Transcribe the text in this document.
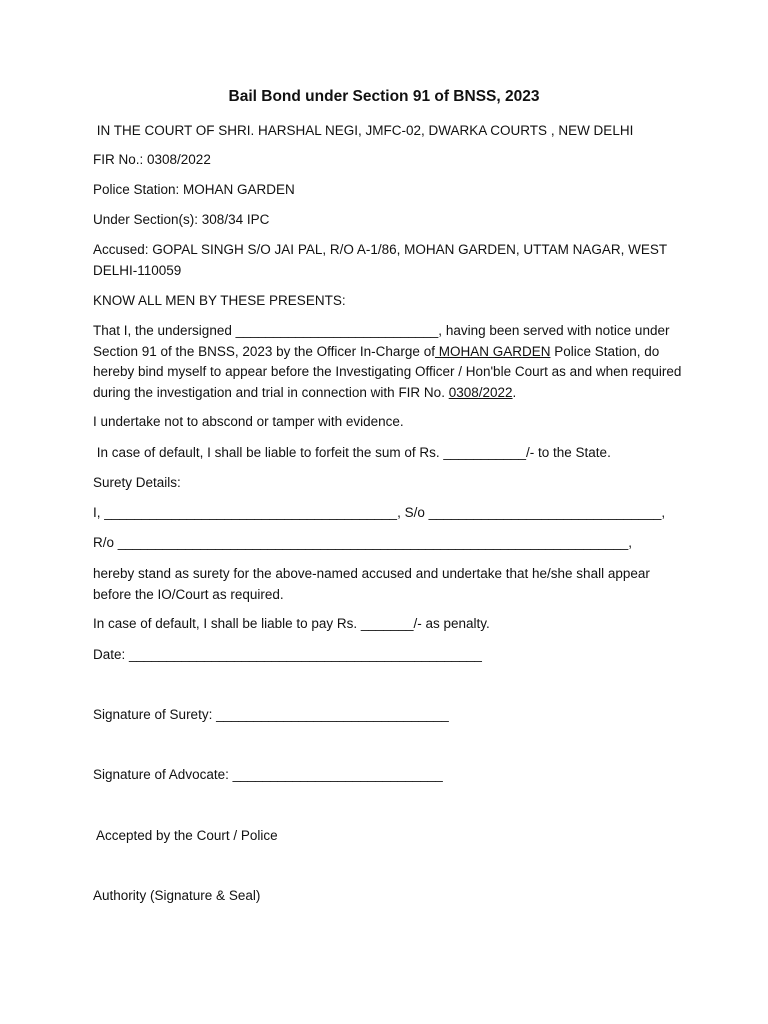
Bail Bond under Section 91 of BNSS, 2023
IN THE COURT OF SHRI. HARSHAL NEGI, JMFC-02, DWARKA COURTS , NEW DELHI
FIR No.: 0308/2022
Police Station: MOHAN GARDEN
Under Section(s): 308/34 IPC
Accused: GOPAL SINGH S/O JAI PAL, R/O A-1/86, MOHAN GARDEN, UTTAM NAGAR, WEST DELHI-110059
KNOW ALL MEN BY THESE PRESENTS:
That I, the undersigned ___________________________, having been served with notice under Section 91 of the BNSS, 2023 by the Officer In-Charge of MOHAN GARDEN Police Station, do hereby bind myself to appear before the Investigating Officer / Hon'ble Court as and when required during the investigation and trial in connection with FIR No. 0308/2022.
I undertake not to abscond or tamper with evidence.
In case of default, I shall be liable to forfeit the sum of Rs. ___________/- to the State.
Surety Details:
I, _______________________________________, S/o _______________________________,
R/o ____________________________________________________________________,
hereby stand as surety for the above-named accused and undertake that he/she shall appear before the IO/Court as required.
In case of default, I shall be liable to pay Rs. _______/- as penalty.
Date: _______________________________________________
Signature of Surety: _______________________________
Signature of Advocate: ____________________________
Accepted by the Court / Police
Authority (Signature & Seal)
